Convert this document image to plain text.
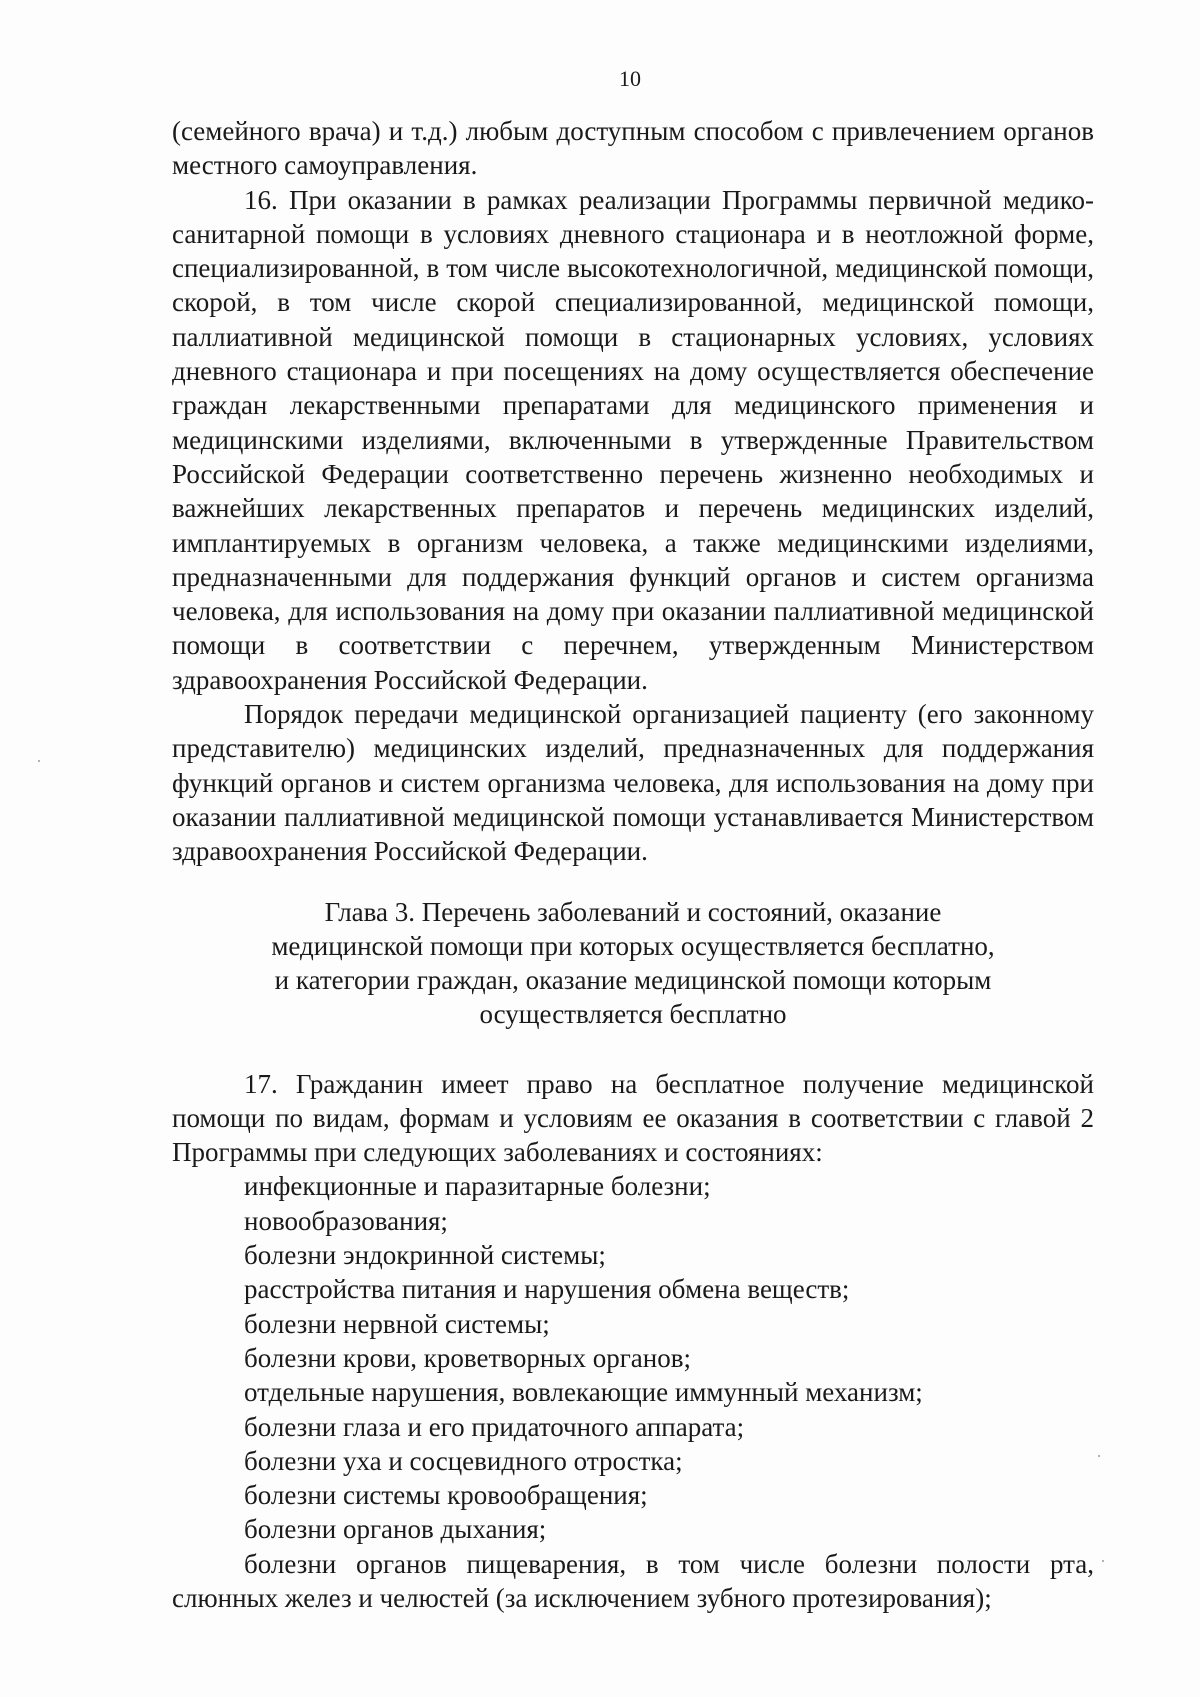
10

(семейного врача) и т.д.) любым доступным способом с привлечением органов местного самоуправления.

16. При оказании в рамках реализации Программы первичной медико-санитарной помощи в условиях дневного стационара и в неотложной форме, специализированной, в том числе высокотехнологичной, медицинской помощи, скорой, в том числе скорой специализированной, медицинской помощи, паллиативной медицинской помощи в стационарных условиях, условиях дневного стационара и при посещениях на дому осуществляется обеспечение граждан лекарственными препаратами для медицинского применения и медицинскими изделиями, включенными в утвержденные Правительством Российской Федерации соответственно перечень жизненно необходимых и важнейших лекарственных препаратов и перечень медицинских изделий, имплантируемых в организм человека, а также медицинскими изделиями, предназначенными для поддержания функций органов и систем организма человека, для использования на дому при оказании паллиативной медицинской помощи в соответствии с перечнем, утвержденным Министерством здравоохранения Российской Федерации.

Порядок передачи медицинской организацией пациенту (его законному представителю) медицинских изделий, предназначенных для поддержания функций органов и систем организма человека, для использования на дому при оказании паллиативной медицинской помощи устанавливается Министерством здравоохранения Российской Федерации.

Глава 3. Перечень заболеваний и состояний, оказание
медицинской помощи при которых осуществляется бесплатно,
и категории граждан, оказание медицинской помощи которым
осуществляется бесплатно

17. Гражданин имеет право на бесплатное получение медицинской помощи по видам, формам и условиям ее оказания в соответствии с главой 2 Программы при следующих заболеваниях и состояниях:

инфекционные и паразитарные болезни;

новообразования;

болезни эндокринной системы;

расстройства питания и нарушения обмена веществ;

болезни нервной системы;

болезни крови, кроветворных органов;

отдельные нарушения, вовлекающие иммунный механизм;

болезни глаза и его придаточного аппарата;

болезни уха и сосцевидного отростка;

болезни системы кровообращения;

болезни органов дыхания;

болезни органов пищеварения, в том числе болезни полости рта, слюнных желез и челюстей (за исключением зубного протезирования);
